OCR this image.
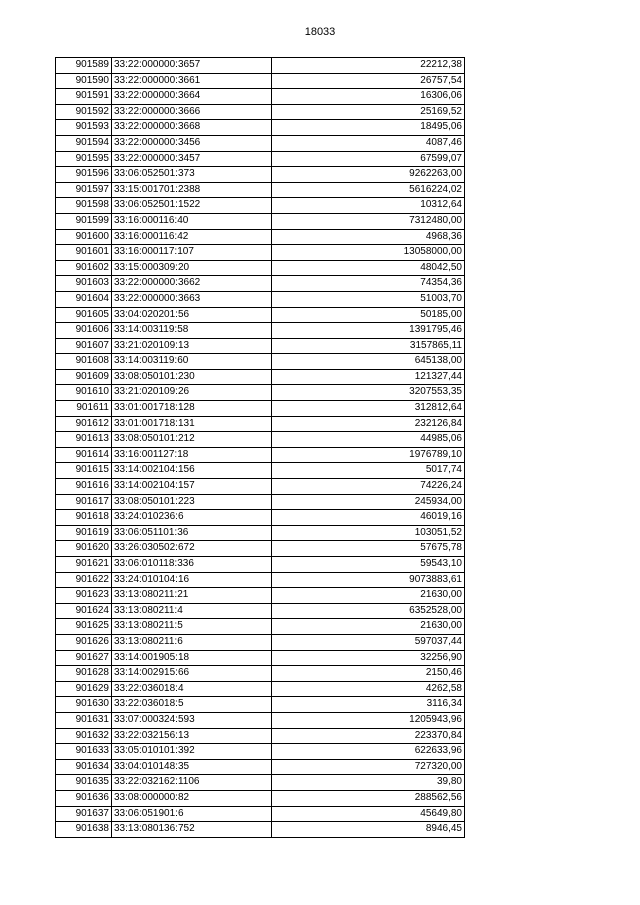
18033
901589	33:22:000000:3657	22212,38
901590	33:22:000000:3661	26757,54
901591	33:22:000000:3664	16306,06
901592	33:22:000000:3666	25169,52
901593	33:22:000000:3668	18495,06
901594	33:22:000000:3456	4087,46
901595	33:22:000000:3457	67599,07
901596	33:06:052501:373	9262263,00
901597	33:15:001701:2388	5616224,02
901598	33:06:052501:1522	10312,64
901599	33:16:000116:40	7312480,00
901600	33:16:000116:42	4968,36
901601	33:16:000117:107	13058000,00
901602	33:15:000309:20	48042,50
901603	33:22:000000:3662	74354,36
901604	33:22:000000:3663	51003,70
901605	33:04:020201:56	50185,00
901606	33:14:003119:58	1391795,46
901607	33:21:020109:13	3157865,11
901608	33:14:003119:60	645138,00
901609	33:08:050101:230	121327,44
901610	33:21:020109:26	3207553,35
901611	33:01:001718:128	312812,64
901612	33:01:001718:131	232126,84
901613	33:08:050101:212	44985,06
901614	33:16:001127:18	1976789,10
901615	33:14:002104:156	5017,74
901616	33:14:002104:157	74226,24
901617	33:08:050101:223	245934,00
901618	33:24:010236:6	46019,16
901619	33:06:051101:36	103051,52
901620	33:26:030502:672	57675,78
901621	33:06:010118:336	59543,10
901622	33:24:010104:16	9073883,61
901623	33:13:080211:21	21630,00
901624	33:13:080211:4	6352528,00
901625	33:13:080211:5	21630,00
901626	33:13:080211:6	597037,44
901627	33:14:001905:18	32256,90
901628	33:14:002915:66	2150,46
901629	33:22:036018:4	4262,58
901630	33:22:036018:5	3116,34
901631	33:07:000324:593	1205943,96
901632	33:22:032156:13	223370,84
901633	33:05:010101:392	622633,96
901634	33:04:010148:35	727320,00
901635	33:22:032162:1106	39,80
901636	33:08:000000:82	288562,56
901637	33:06:051901:6	45649,80
901638	33:13:080136:752	8946,45
